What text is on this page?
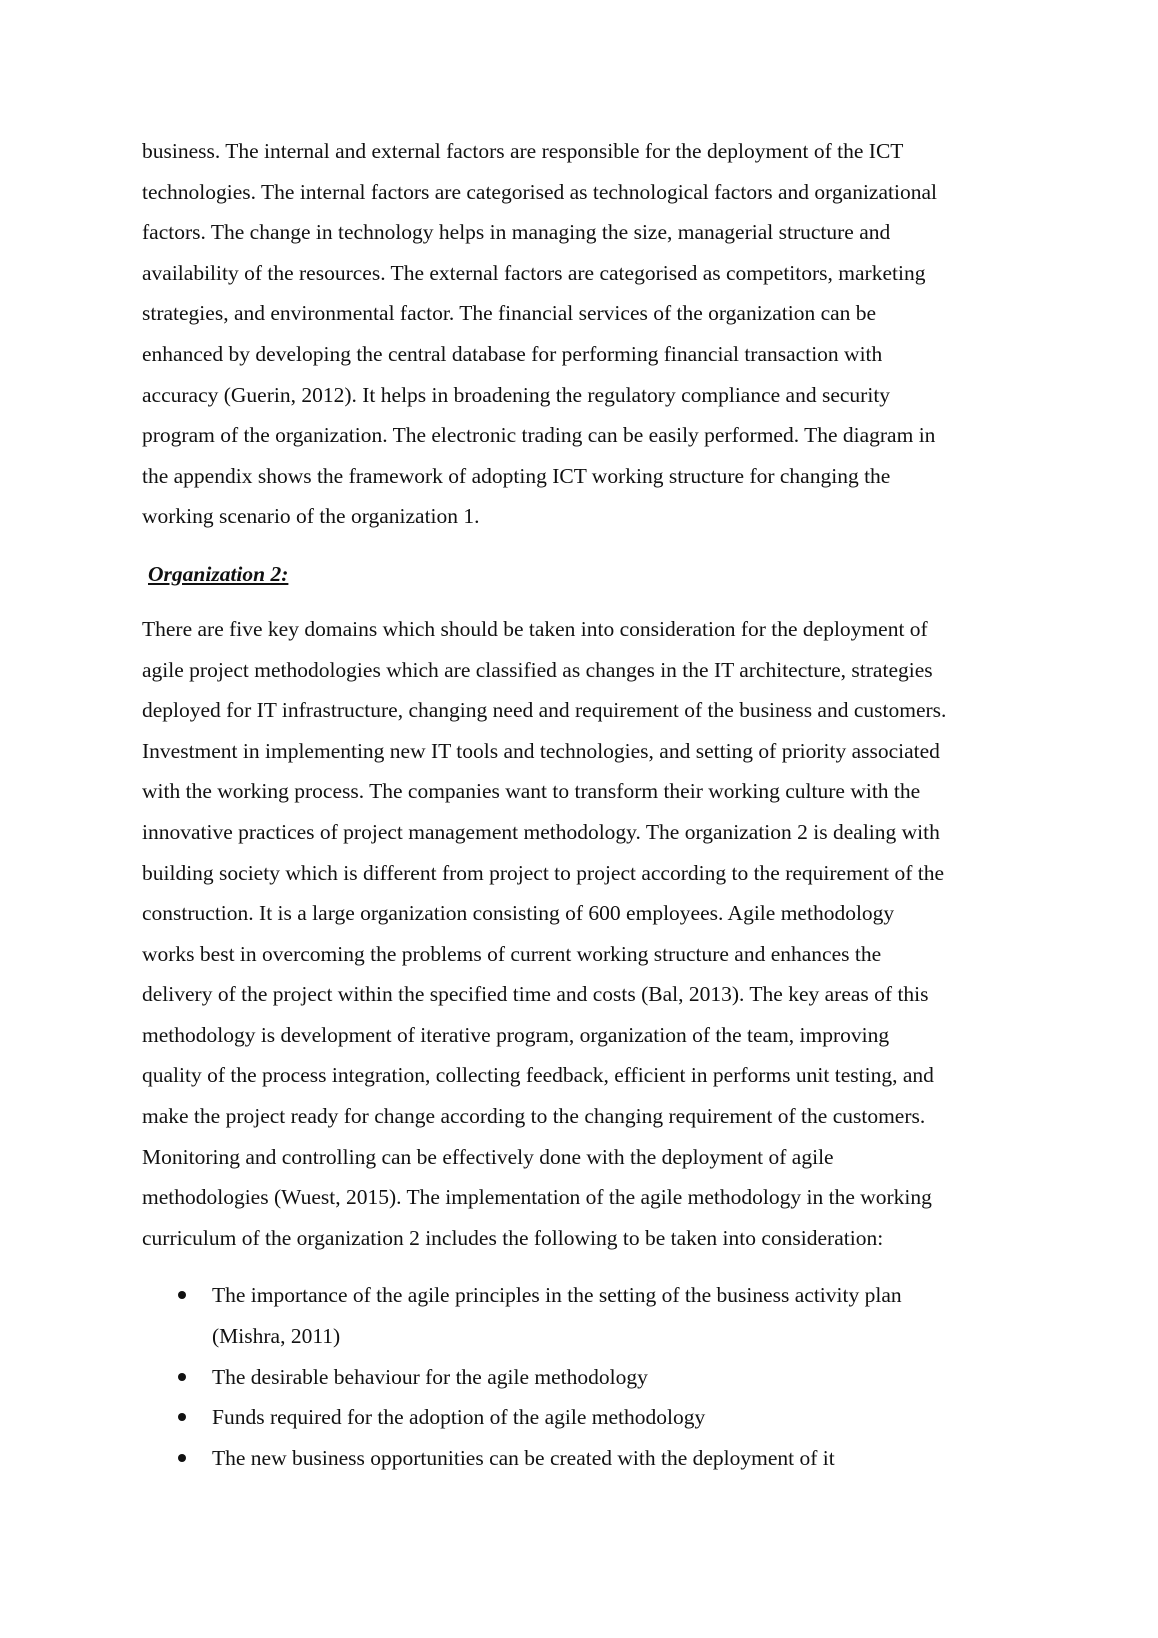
business. The internal and external factors are responsible for the deployment of the ICT
technologies. The internal factors are categorised as technological factors and organizational
factors. The change in technology helps in managing the size, managerial structure and
availability of the resources. The external factors are categorised as competitors, marketing
strategies, and environmental factor. The financial services of the organization can be
enhanced by developing the central database for performing financial transaction with
accuracy (Guerin, 2012). It helps in broadening the regulatory compliance and security
program of the organization. The electronic trading can be easily performed. The diagram in
the appendix shows the framework of adopting ICT working structure for changing the
working scenario of the organization 1.

Organization 2:

There are five key domains which should be taken into consideration for the deployment of
agile project methodologies which are classified as changes in the IT architecture, strategies
deployed for IT infrastructure, changing need and requirement of the business and customers.
Investment in implementing new IT tools and technologies, and setting of priority associated
with the working process. The companies want to transform their working culture with the
innovative practices of project management methodology. The organization 2 is dealing with
building society which is different from project to project according to the requirement of the
construction. It is a large organization consisting of 600 employees. Agile methodology
works best in overcoming the problems of current working structure and enhances the
delivery of the project within the specified time and costs (Bal, 2013). The key areas of this
methodology is development of iterative program, organization of the team, improving
quality of the process integration, collecting feedback, efficient in performs unit testing, and
make the project ready for change according to the changing requirement of the customers.
Monitoring and controlling can be effectively done with the deployment of agile
methodologies (Wuest, 2015). The implementation of the agile methodology in the working
curriculum of the organization 2 includes the following to be taken into consideration:

The importance of the agile principles in the setting of the business activity plan
(Mishra, 2011)
The desirable behaviour for the agile methodology
Funds required for the adoption of the agile methodology
The new business opportunities can be created with the deployment of it
